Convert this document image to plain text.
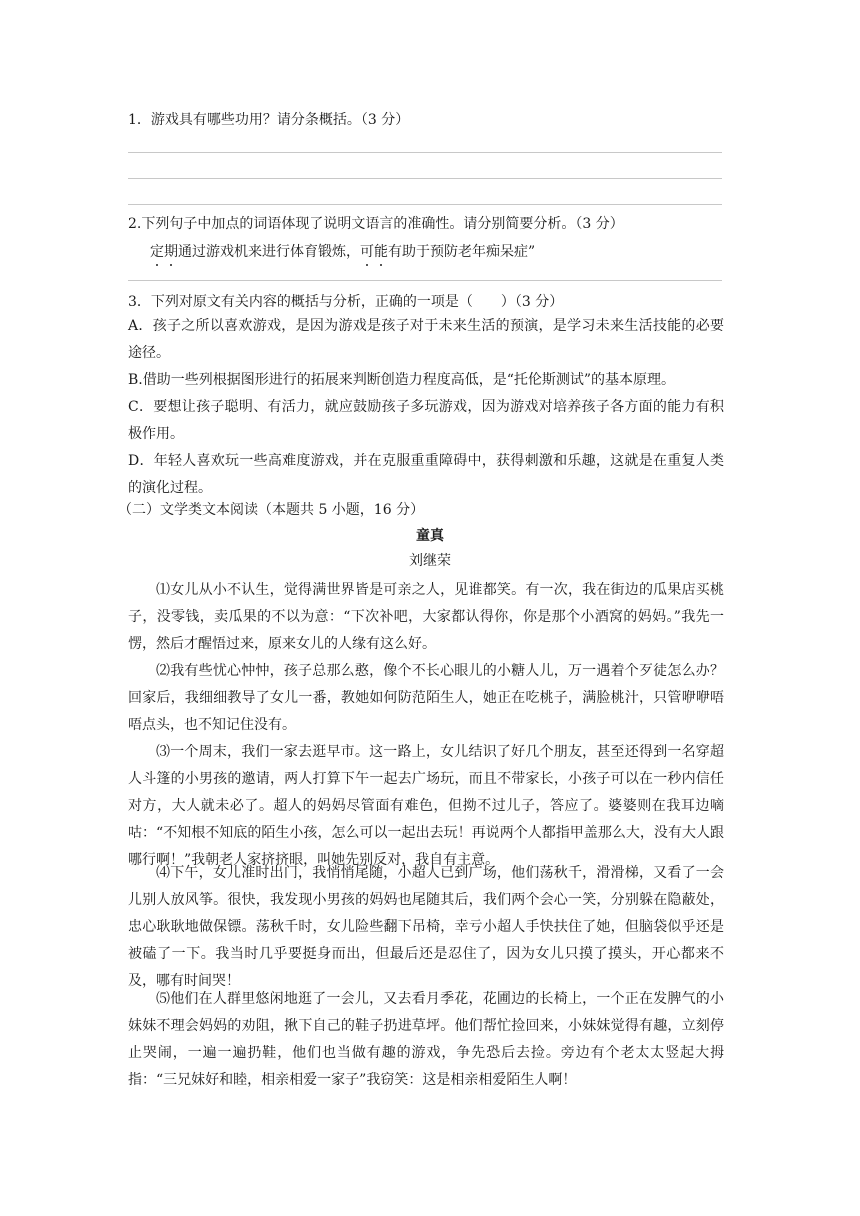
1．游戏具有哪些功用？请分条概括。（3 分）
2.下列句子中加点的词语体现了说明文语言的准确性。请分别简要分析。（3 分）
定期通过游戏机来进行体育锻炼，可能有助于预防老年痴呆症”
3．下列对原文有关内容的概括与分析，正确的一项是（　　）（3 分）
A．孩子之所以喜欢游戏，是因为游戏是孩子对于未来生活的预演，是学习未来生活技能的必要途径。
B.借助一些列根据图形进行的拓展来判断创造力程度高低，是“托伦斯测试”的基本原理。
C．要想让孩子聪明、有活力，就应鼓励孩子多玩游戏，因为游戏对培养孩子各方面的能力有积极作用。
D．年轻人喜欢玩一些高难度游戏，并在克服重重障碍中，获得刺激和乐趣，这就是在重复人类的演化过程。
（二）文学类文本阅读（本题共 5 小题，16 分）
童真
刘继荣
⑴女儿从小不认生，觉得满世界皆是可亲之人，见谁都笑。有一次，我在街边的瓜果店买桃子，没零钱，卖瓜果的不以为意：“下次补吧，大家都认得你，你是那个小酒窝的妈妈。”我先一愣，然后才醒悟过来，原来女儿的人缘有这么好。
⑵我有些忧心忡忡，孩子总那么憨，像个不长心眼儿的小糖人儿，万一遇着个歹徒怎么办？回家后，我细细教导了女儿一番，教她如何防范陌生人，她正在吃桃子，满脸桃汁，只管咿咿唔唔点头，也不知记住没有。
⑶一个周末，我们一家去逛早市。这一路上，女儿结识了好几个朋友，甚至还得到一名穿超人斗篷的小男孩的邀请，两人打算下午一起去广场玩，而且不带家长，小孩子可以在一秒内信任对方，大人就未必了。超人的妈妈尽管面有难色，但拗不过儿子，答应了。婆婆则在我耳边嘀咕：“不知根不知底的陌生小孩，怎么可以一起出去玩！再说两个人都指甲盖那么大，没有大人跟哪行啊！”我朝老人家挤挤眼，叫她先别反对，我自有主意。
⑷下午，女儿准时出门，我悄悄尾随，小超人已到广场，他们荡秋千，滑滑梯，又看了一会儿别人放风筝。很快，我发现小男孩的妈妈也尾随其后，我们两个会心一笑，分别躲在隐蔽处，忠心耿耿地做保镖。荡秋千时，女儿险些翻下吊椅，幸亏小超人手快扶住了她，但脑袋似乎还是被磕了一下。我当时几乎要挺身而出，但最后还是忍住了，因为女儿只摸了摸头，开心都来不及，哪有时间哭！
⑸他们在人群里悠闲地逛了一会儿，又去看月季花，花圃边的长椅上，一个正在发脾气的小妹妹不理会妈妈的劝阻，揪下自己的鞋子扔进草坪。他们帮忙捡回来，小妹妹觉得有趣，立刻停止哭闹，一遍一遍扔鞋，他们也当做有趣的游戏，争先恐后去捡。旁边有个老太太竖起大拇指：“三兄妹好和睦，相亲相爱一家子”我窃笑：这是相亲相爱陌生人啊！
